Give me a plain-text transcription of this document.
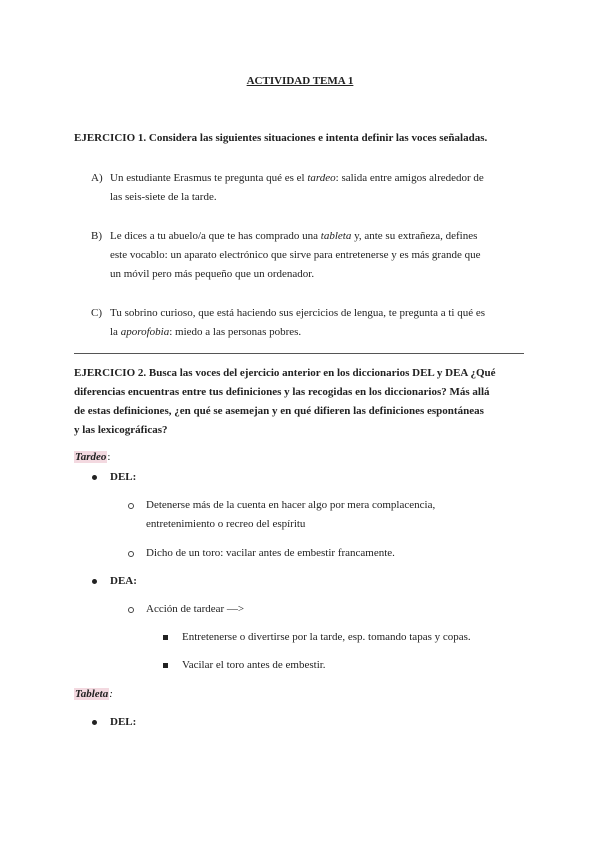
ACTIVIDAD TEMA 1
EJERCICIO 1. Considera las siguientes situaciones e intenta definir las voces señaladas.
A) Un estudiante Erasmus te pregunta qué es el tardeo: salida entre amigos alrededor de
las seis-siete de la tarde.
B) Le dices a tu abuelo/a que te has comprado una tableta y, ante su extrañeza, defines
este vocablo: un aparato electrónico que sirve para entretenerse y es más grande que
un móvil pero más pequeño que un ordenador.
C) Tu sobrino curioso, que está haciendo sus ejercicios de lengua, te pregunta a ti qué es
la aporofobia: miedo a las personas pobres.
EJERCICIO 2. Busca las voces del ejercicio anterior en los diccionarios DEL y DEA ¿Qué
diferencias encuentras entre tus definiciones y las recogidas en los diccionarios? Más allá
de estas definiciones, ¿en qué se asemejan y en qué difieren las definiciones espontáneas
y las lexicográficas?
Tardeo:
DEL:
Detenerse más de la cuenta en hacer algo por mera complacencia,
entretenimiento o recreo del espíritu
Dicho de un toro: vacilar antes de embestir francamente.
DEA:
Acción de tardear —>
Entretenerse o divertirse por la tarde, esp. tomando tapas y copas.
Vacilar el toro antes de embestir.
Tableta:
DEL:
